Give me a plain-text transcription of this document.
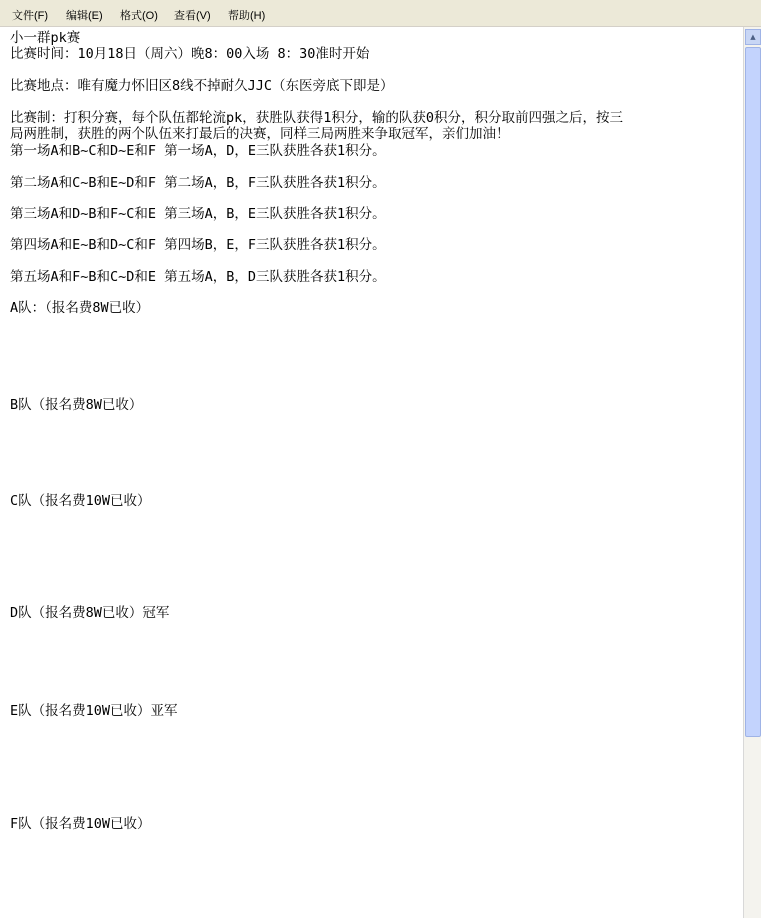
文件(F) 编辑(E) 格式(O) 查看(V) 帮助(H)
小一群pk赛
比赛时间：10月18日（周六）晚8：00入场 8：30准时开始
比赛地点：唯有魔力怀旧区8线不掉耐久JJC（东医旁底下即是）
比赛制：打积分赛，每个队伍都轮流pk，获胜队获得1积分，输的队获0积分，积分取前四强之后，按三
局两胜制，获胜的两个队伍来打最后的决赛，同样三局两胜来争取冠军，亲们加油！
第一场A和B~C和D~E和F 第一场A，D，E三队获胜各获1积分。
第二场A和C~B和E~D和F 第二场A，B，F三队获胜各获1积分。
第三场A和D~B和F~C和E 第三场A，B，E三队获胜各获1积分。
第四场A和E~B和D~C和F 第四场B，E，F三队获胜各获1积分。
第五场A和F~B和C~D和E 第五场A，B，D三队获胜各获1积分。
A队：（报名费8W已收）
B队（报名费8W已收）
C队（报名费10W已收）
D队（报名费8W已收）冠军
E队（报名费10W已收）亚军
F队（报名费10W已收）
▲
